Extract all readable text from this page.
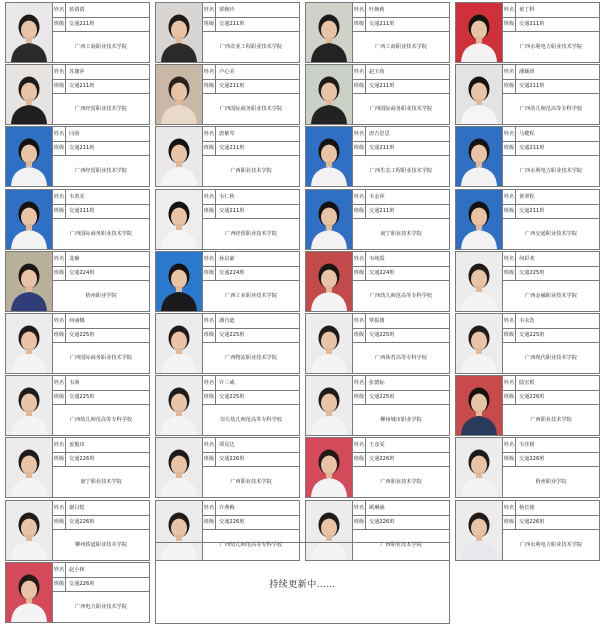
姓名 蓝倩倩
班级 交通211班
广西工商职业技术学院
姓名 苏珈萍
班级 交通211班
广西经贸职业技术学院
姓名 闫茵
班级 交通211班
广西经贸职业技术学院
姓名 韦善美
班级 交通211班
广西国际商务职业技术学院
姓名 龙确
班级 交通224班
梧州职业学院
姓名 何丽娜
班级 交通225班
广西国际商务职业技术学院
姓名 韦洲
班级 交通225班
广西幼儿师范高等专科学校
姓名 姜俊玮
班级 交通226班
南宁职业技术学院
姓名 谢吕煌
班级 交通226班
柳州铁道职业技术学院
姓名 赵小林
班级 交通226班
广西电力职业技术学院
姓名 覃婉玲
班级 交通211班
广西农业工程职业技术学院
姓名 卢心美
班级 交通211班
广西国际商务职业技术学院
姓名 唐紫琴
班级 交通211班
广西职业技术学院
姓名 韦仁秋
班级 交通211班
广西经贸职业技术学院
姓名 孙启豪
班级 交通224班
广西工业职业技术学院
姓名 潘自道
班级 交通225班
广西物流职业技术学院
姓名 许三威
班级 交通225班
崇左幼儿师范高等专科学校
姓名 谭晃达
班级 交通226班
广西职业技术学院
姓名 许燕梅
班级 交通226班
广西幼儿师范高等专科学校
姓名 叶婉莉
班级 交通211班
广西工商职业技术学院
姓名 赵玉荷
班级 交通211班
广西国际商务职业技术学院
姓名 唐吉思思
班级 交通211班
广西生态工程职业技术学院
姓名 韦金萍
班级 交通211班
南宁职业技术学院
姓名 韦纯霞
班级 交通224班
广西幼儿师范高等专科学校
姓名 覃振雄
班级 交通225班
广西体育高等专科学校
姓名 张德标
班级 交通225班
柳州城市职业学院
姓名 王彦雯
班级 交通226班
广西职业技术学院
姓名 顾琳涵
班级 交通226班
广西职业技术学院
姓名 黄丁科
班级 交通211班
广西水利电力职业技术学院
姓名 潘颖妍
班级 交通211班
广西幼儿师范高等专科学校
姓名 马健程
班级 交通211班
广西水利电力职业技术学院
姓名 黄翠程
班级 交通211班
广西交通职业技术学院
姓名 何彩欢
班级 交通225班
广西金融职业技术学院
姓名 韦永浩
班级 交通225班
广西现代职业技术学院
姓名 陆宏根
班级 交通226班
广西职业技术学院
姓名 韦佳树
班级 交通226班
梧州职业学院
姓名 杨长铭
班级 交通226班
广西水利电力职业技术学院
持续更新中……
